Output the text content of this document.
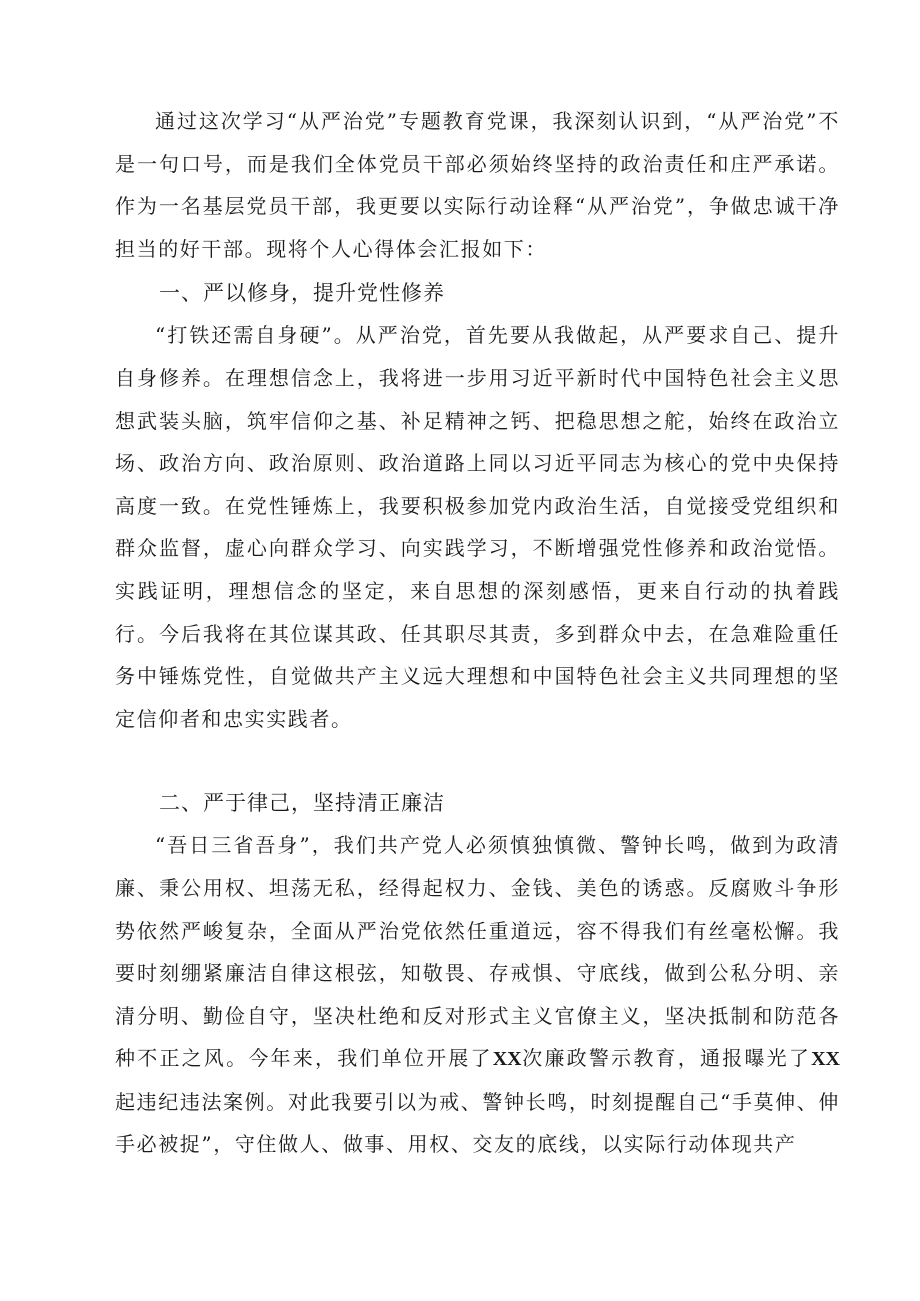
通过这次学习“从严治党”专题教育党课，我深刻认识到，“从严治党”不是一句口号，而是我们全体党员干部必须始终坚持的政治责任和庄严承诺。作为一名基层党员干部，我更要以实际行动诠释“从严治党”，争做忠诚干净担当的好干部。现将个人心得体会汇报如下：

一、严以修身，提升党性修养

“打铁还需自身硬”。从严治党，首先要从我做起，从严要求自己、提升自身修养。在理想信念上，我将进一步用习近平新时代中国特色社会主义思想武装头脑，筑牢信仰之基、补足精神之钙、把稳思想之舵，始终在政治立场、政治方向、政治原则、政治道路上同以习近平同志为核心的党中央保持高度一致。在党性锤炼上，我要积极参加党内政治生活，自觉接受党组织和群众监督，虚心向群众学习、向实践学习，不断增强党性修养和政治觉悟。实践证明，理想信念的坚定，来自思想的深刻感悟，更来自行动的执着践行。今后我将在其位谋其政、任其职尽其责，多到群众中去，在急难险重任务中锤炼党性，自觉做共产主义远大理想和中国特色社会主义共同理想的坚定信仰者和忠实实践者。

二、严于律己，坚持清正廉洁

“吾日三省吾身”，我们共产党人必须慎独慎微、警钟长鸣，做到为政清廉、秉公用权、坦荡无私，经得起权力、金钱、美色的诱惑。反腐败斗争形势依然严峻复杂，全面从严治党依然任重道远，容不得我们有丝毫松懈。我要时刻绷紧廉洁自律这根弦，知敬畏、存戒惧、守底线，做到公私分明、亲清分明、勤俭自守，坚决杜绝和反对形式主义官僚主义，坚决抵制和防范各种不正之风。今年来，我们单位开展了XX次廉政警示教育，通报曝光了XX起违纪违法案例。对此我要引以为戒、警钟长鸣，时刻提醒自己“手莫伸、伸手必被捉”，守住做人、做事、用权、交友的底线，以实际行动体现共产
